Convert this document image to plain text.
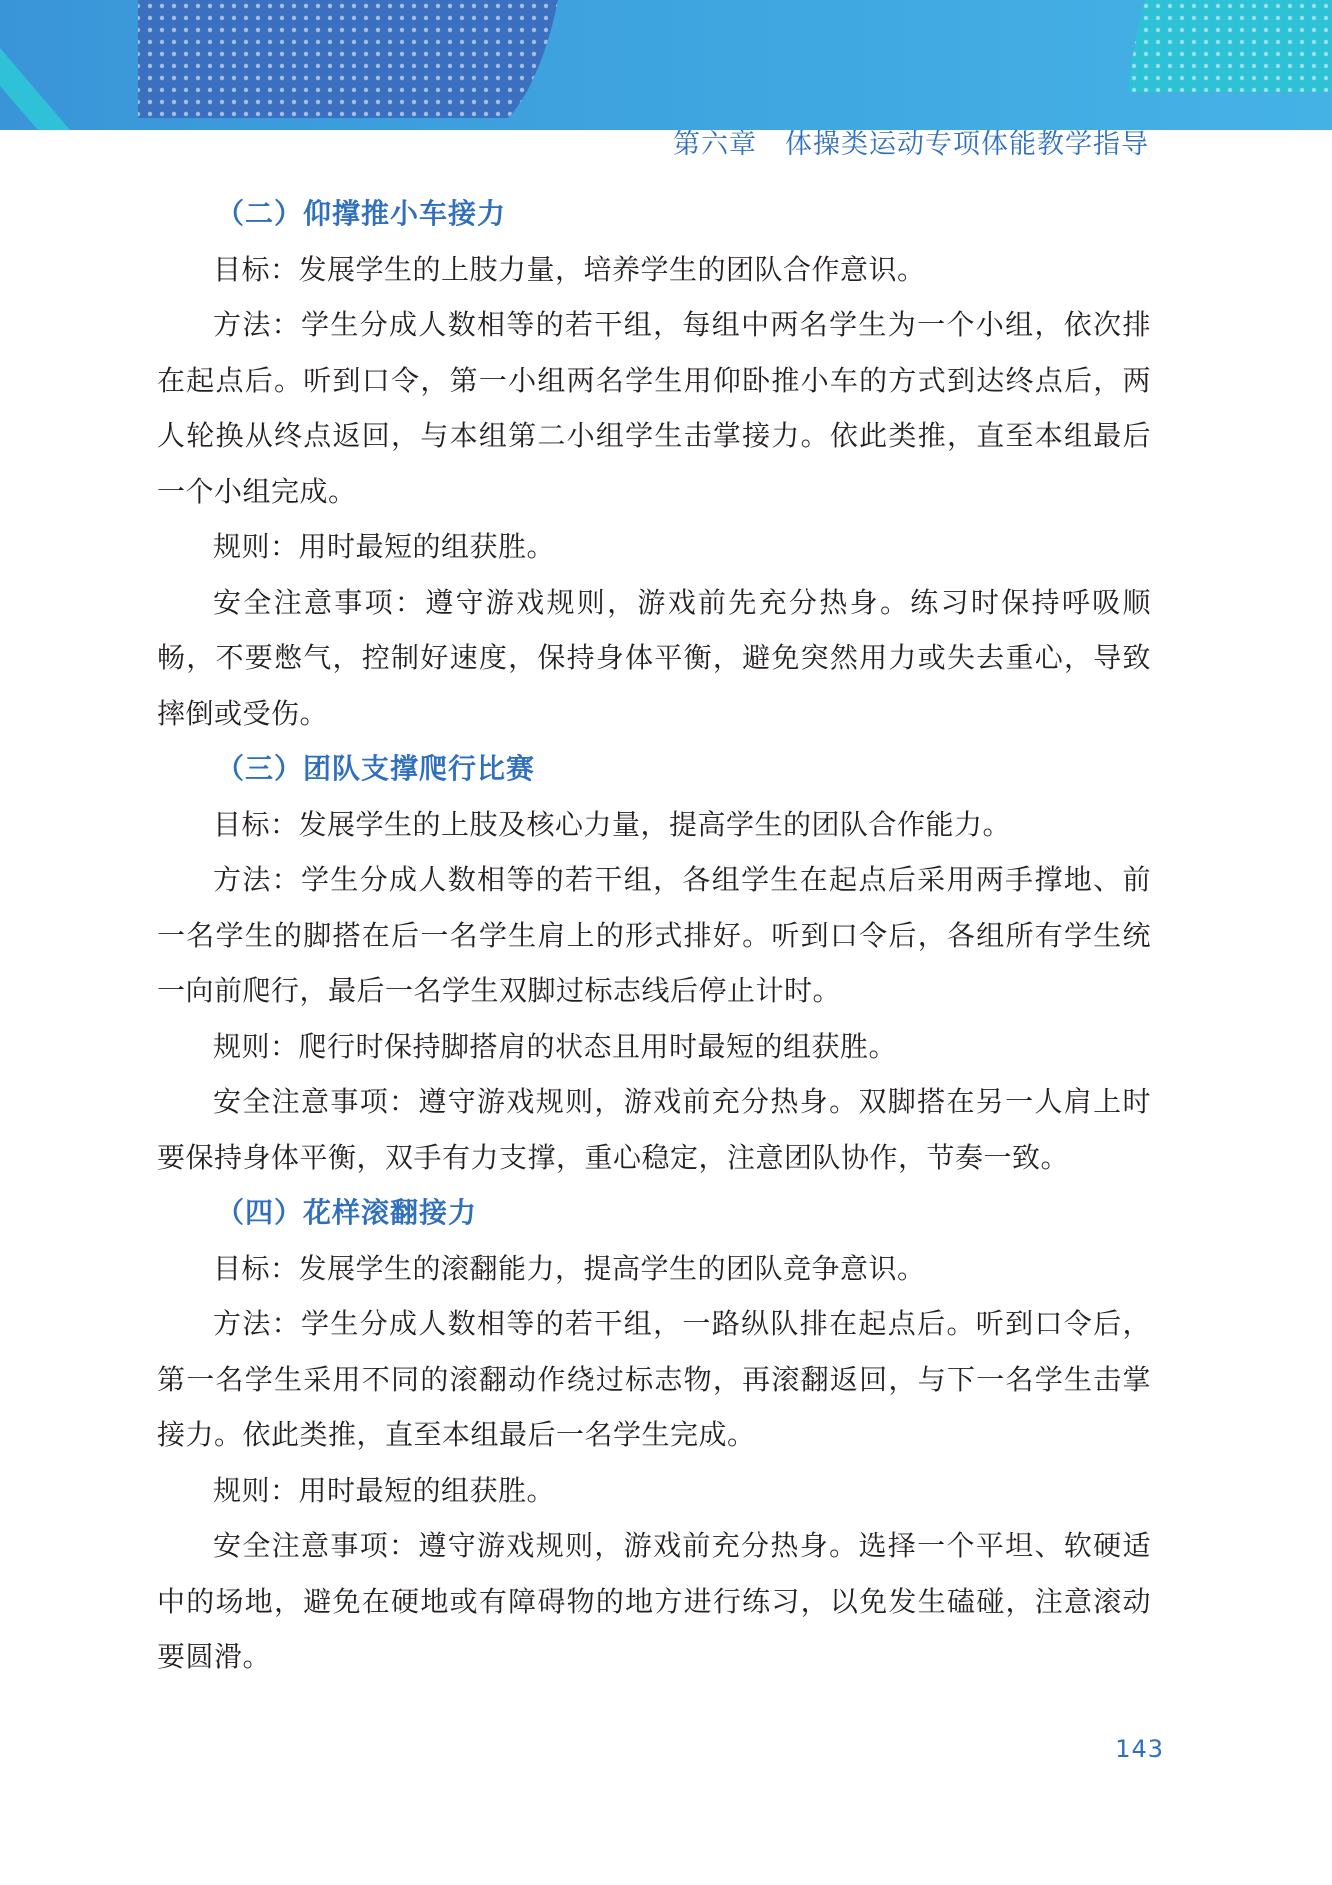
第六章　体操类运动专项体能教学指导
（二）仰撑推小车接力

目标：发展学生的上肢力量，培养学生的团队合作意识。

方法：学生分成人数相等的若干组，每组中两名学生为一个小组，依次排在起点后。听到口令，第一小组两名学生用仰卧推小车的方式到达终点后，两人轮换从终点返回，与本组第二小组学生击掌接力。依此类推，直至本组最后一个小组完成。

规则：用时最短的组获胜。

安全注意事项：遵守游戏规则，游戏前先充分热身。练习时保持呼吸顺畅，不要憋气，控制好速度，保持身体平衡，避免突然用力或失去重心，导致摔倒或受伤。

（三）团队支撑爬行比赛

目标：发展学生的上肢及核心力量，提高学生的团队合作能力。

方法：学生分成人数相等的若干组，各组学生在起点后采用两手撑地、前一名学生的脚搭在后一名学生肩上的形式排好。听到口令后，各组所有学生统一向前爬行，最后一名学生双脚过标志线后停止计时。

规则：爬行时保持脚搭肩的状态且用时最短的组获胜。

安全注意事项：遵守游戏规则，游戏前充分热身。双脚搭在另一人肩上时要保持身体平衡，双手有力支撑，重心稳定，注意团队协作，节奏一致。

（四）花样滚翻接力

目标：发展学生的滚翻能力，提高学生的团队竞争意识。

方法：学生分成人数相等的若干组，一路纵队排在起点后。听到口令后，第一名学生采用不同的滚翻动作绕过标志物，再滚翻返回，与下一名学生击掌接力。依此类推，直至本组最后一名学生完成。

规则：用时最短的组获胜。

安全注意事项：遵守游戏规则，游戏前充分热身。选择一个平坦、软硬适中的场地，避免在硬地或有障碍物的地方进行练习，以免发生磕碰，注意滚动要圆滑。

143
